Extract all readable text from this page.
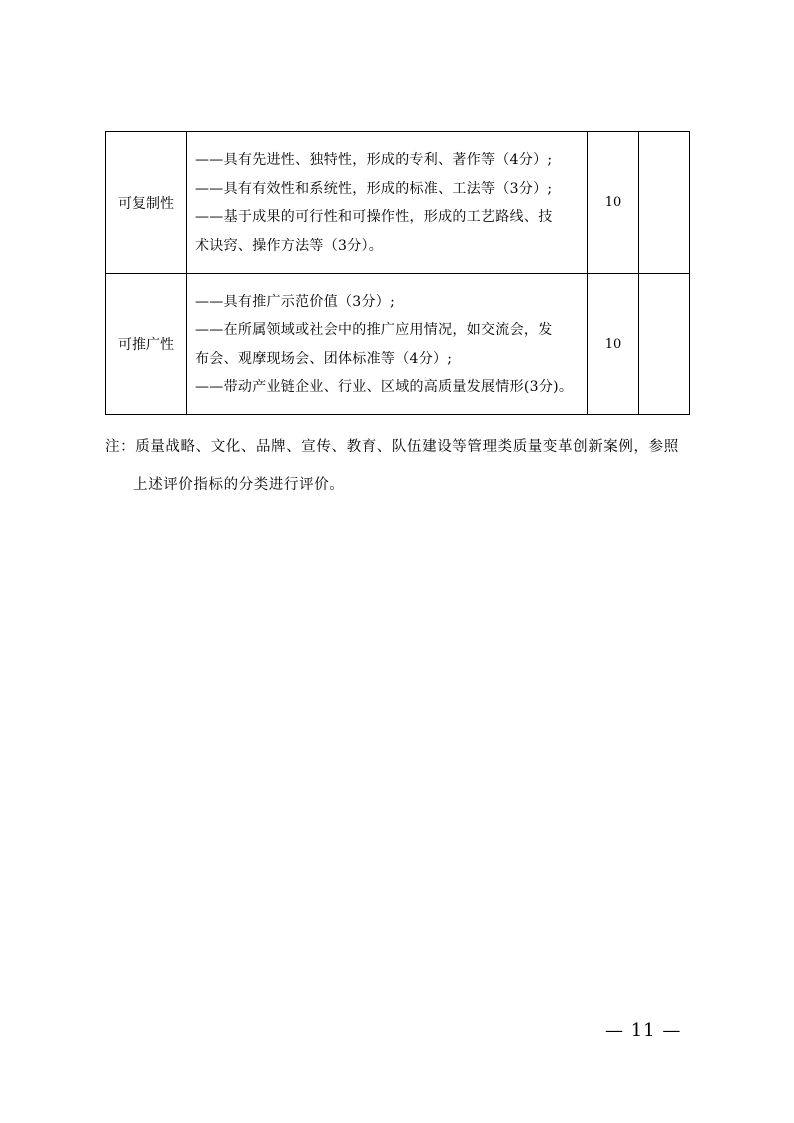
可复制性	——具有先进性、独特性，形成的专利、著作等（4分）;
——具有有效性和系统性，形成的标准、工法等（3分）;
——基于成果的可行性和可操作性，形成的工艺路线、技
术诀窍、操作方法等（3分）。	10	
可推广性	——具有推广示范价值（3分）;
——在所属领域或社会中的推广应用情况，如交流会，发
布会、观摩现场会、团体标准等（4分）;
——带动产业链企业、行业、区域的高质量发展情形(3分)。	10	
注：质量战略、文化、品牌、宣传、教育、队伍建设等管理类质量变革创新案例，参照
上述评价指标的分类进行评价。
— 11 —
